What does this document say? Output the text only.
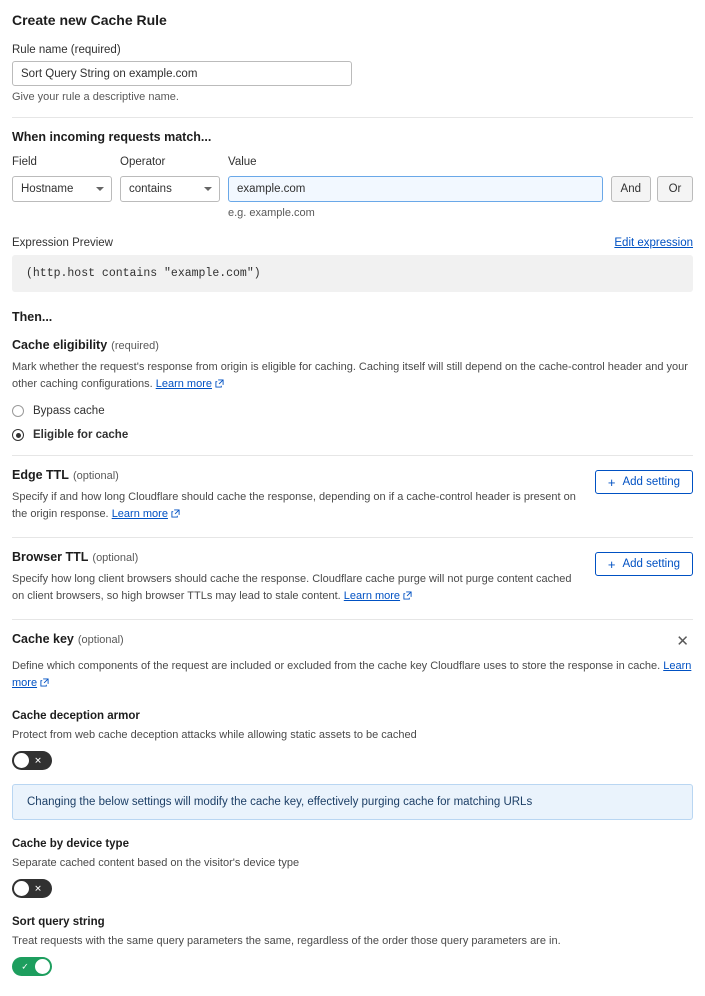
Create new Cache Rule
Rule name (required)
Sort Query String on example.com
Give your rule a descriptive name.
When incoming requests match...
Field
Hostname
Operator
contains
Value
example.com
e.g. example.com
And	Or
Expression Preview	Edit expression
(http.host contains "example.com")
Then...
Cache eligibility (required)
Mark whether the request's response from origin is eligible for caching. Caching itself will still depend on the cache-control header and your other caching configurations. Learn more
Bypass cache
Eligible for cache
Edge TTL (optional)
Specify if and how long Cloudflare should cache the response, depending on if a cache-control header is present on the origin response. Learn more
+ Add setting
Browser TTL (optional)
Specify how long client browsers should cache the response. Cloudflare cache purge will not purge content cached on client browsers, so high browser TTLs may lead to stale content. Learn more
+ Add setting
Cache key (optional)	✕
Define which components of the request are included or excluded from the cache key Cloudflare uses to store the response in cache. Learn more
Cache deception armor
Protect from web cache deception attacks while allowing static assets to be cached
✕
Changing the below settings will modify the cache key, effectively purging cache for matching URLs
Cache by device type
Separate cached content based on the visitor's device type
✕
Sort query string
Treat requests with the same query parameters the same, regardless of the order those query parameters are in.
✓
